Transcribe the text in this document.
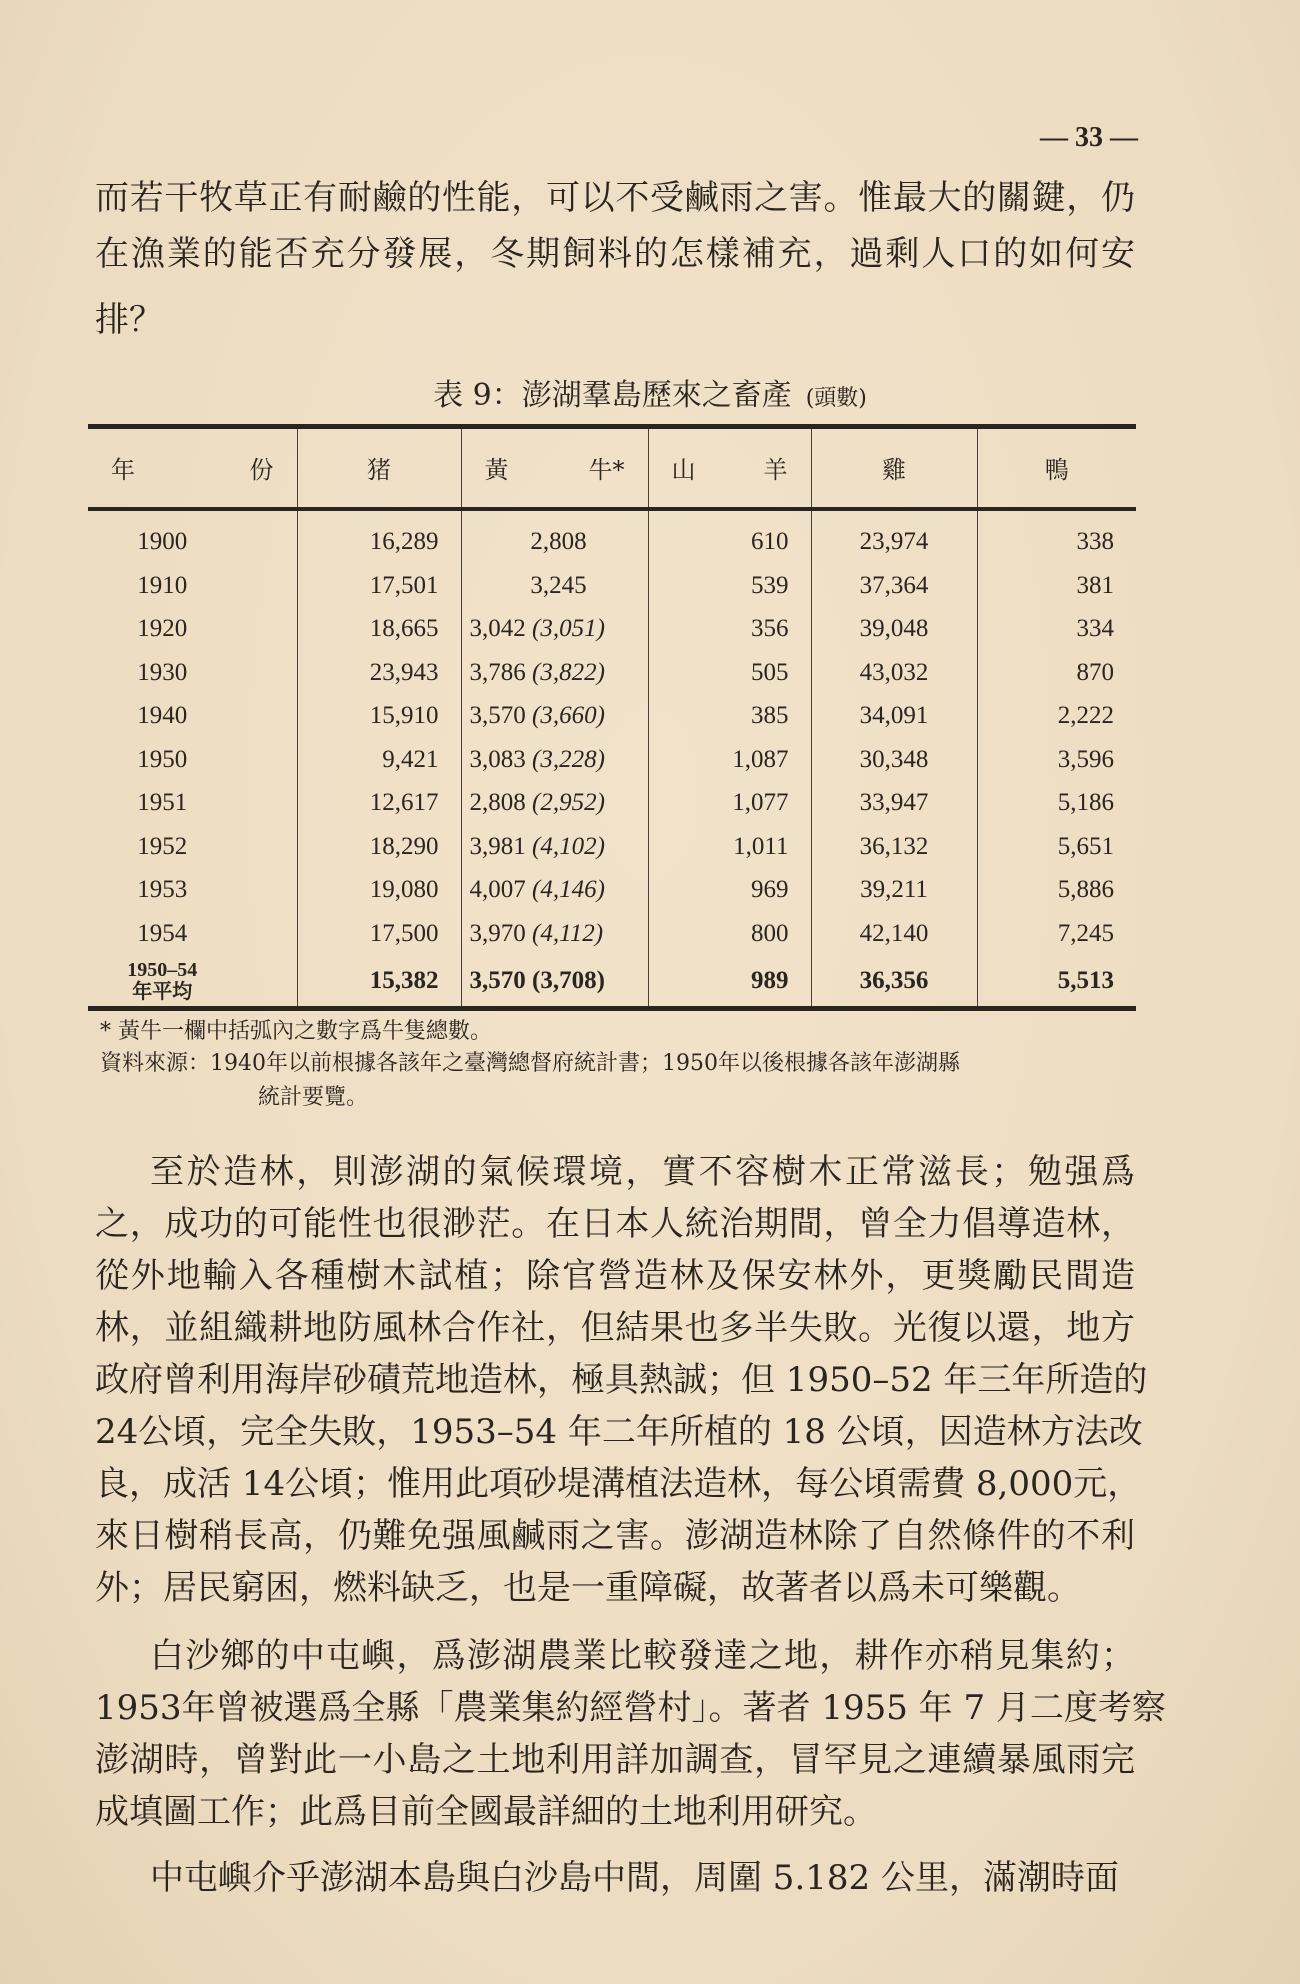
— 33 —
而若干牧草正有耐鹼的性能，可以不受鹹雨之害。惟最大的關鍵，仍
在漁業的能否充分發展，冬期飼料的怎樣補充，過剩人口的如何安
排？
表 9：澎湖羣島歷來之畜產 (頭數)
年 份	猪	黃 牛*	山 羊	雞	鴨
1900	16,289	2,808	610	23,974	338
1910	17,501	3,245	539	37,364	381
1920	18,665	3,042 (3,051)	356	39,048	334
1930	23,943	3,786 (3,822)	505	43,032	870
1940	15,910	3,570 (3,660)	385	34,091	2,222
1950	9,421	3,083 (3,228)	1,087	30,348	3,596
1951	12,617	2,808 (2,952)	1,077	33,947	5,186
1952	18,290	3,981 (4,102)	1,011	36,132	5,651
1953	19,080	4,007 (4,146)	969	39,211	5,886
1954	17,500	3,970 (4,112)	800	42,140	7,245

1950–54
年平均	15,382	3,570 (3,708)	989	36,356	5,513
* 黃牛一欄中括弧內之數字爲牛隻總數。
資料來源：1940年以前根據各該年之臺灣總督府統計書；1950年以後根據各該年澎湖縣
統計要覽。
至於造林，則澎湖的氣候環境，實不容樹木正常滋長；勉强爲
之，成功的可能性也很渺茫。在日本人統治期間，曾全力倡導造林，
從外地輸入各種樹木試植；除官營造林及保安林外，更獎勵民間造
林，並組織耕地防風林合作社，但結果也多半失敗。光復以還，地方
政府曾利用海岸砂磧荒地造林，極具熱誠；但 1950–52 年三年所造的
24公頃，完全失敗，1953–54 年二年所植的 18 公頃，因造林方法改
良，成活 14公頃；惟用此項砂堤溝植法造林，每公頃需費 8,000元，
來日樹稍長高，仍難免强風鹹雨之害。澎湖造林除了自然條件的不利
外；居民窮困，燃料缺乏，也是一重障礙，故著者以爲未可樂觀。
白沙鄉的中屯嶼，爲澎湖農業比較發達之地，耕作亦稍見集約；
1953年曾被選爲全縣「農業集約經營村」。著者 1955 年 7 月二度考察
澎湖時，曾對此一小島之土地利用詳加調查，冒罕見之連續暴風雨完
成填圖工作；此爲目前全國最詳細的土地利用研究。
中屯嶼介乎澎湖本島與白沙島中間，周圍 5.182 公里，滿潮時面
